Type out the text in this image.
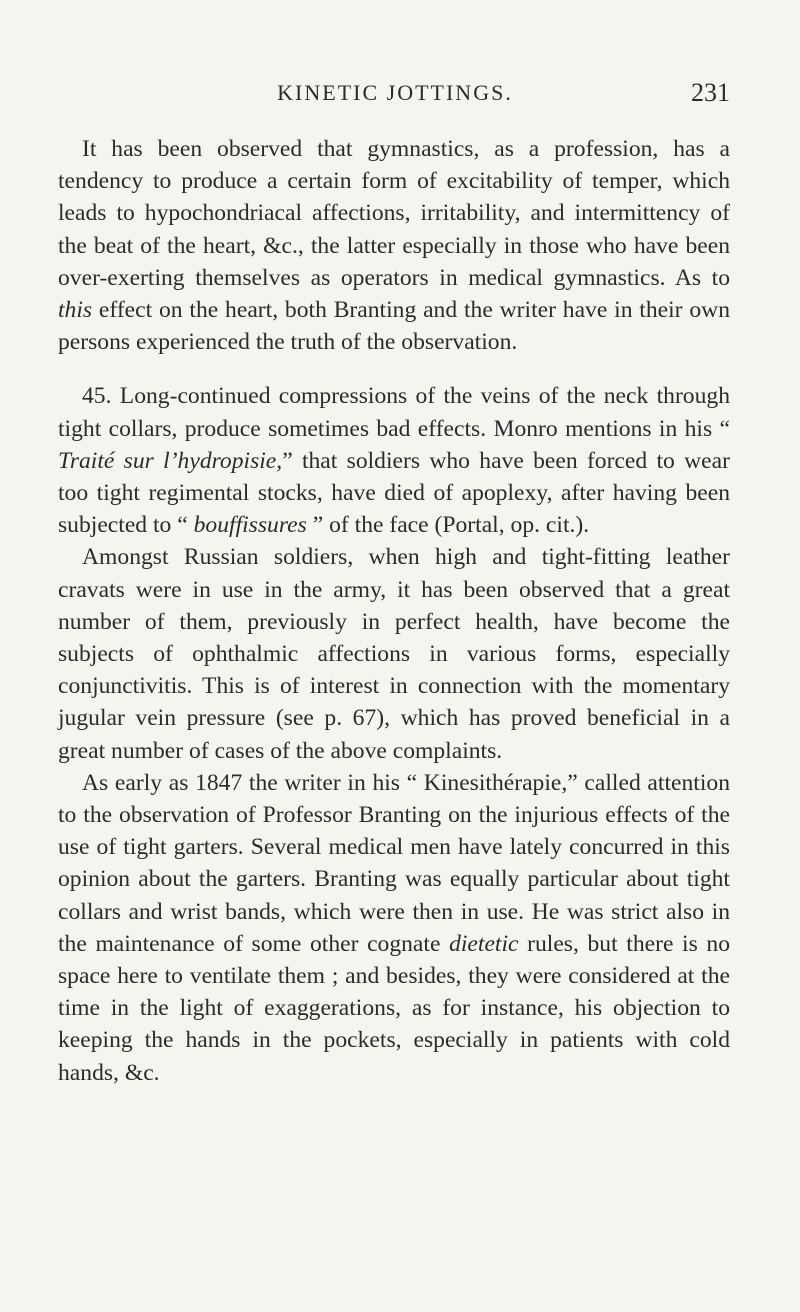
KINETIC JOTTINGS.	231

It has been observed that gymnastics, as a profession, has a tendency to produce a certain form of excitability of temper, which leads to hypochondriacal affections, irritability, and intermittency of the beat of the heart, &c., the latter especially in those who have been over-exerting themselves as operators in medical gymnastics. As to this effect on the heart, both Branting and the writer have in their own persons experienced the truth of the observation.

45. Long-continued compressions of the veins of the neck through tight collars, produce sometimes bad effects. Monro mentions in his “ Traité sur l’hydropisie,” that soldiers who have been forced to wear too tight regimental stocks, have died of apoplexy, after having been subjected to “ bouffissures ” of the face (Portal, op. cit.).

Amongst Russian soldiers, when high and tight-fitting leather cravats were in use in the army, it has been observed that a great number of them, previously in perfect health, have become the subjects of ophthalmic affections in various forms, especially conjunctivitis. This is of interest in connection with the momentary jugular vein pressure (see p. 67), which has proved beneficial in a great number of cases of the above complaints.

As early as 1847 the writer in his “ Kinesithérapie,” called attention to the observation of Professor Branting on the injurious effects of the use of tight garters. Several medical men have lately concurred in this opinion about the garters. Branting was equally particular about tight collars and wrist bands, which were then in use. He was strict also in the maintenance of some other cognate dietetic rules, but there is no space here to ventilate them ; and besides, they were considered at the time in the light of exaggerations, as for instance, his objection to keeping the hands in the pockets, especially in patients with cold hands, &c.
